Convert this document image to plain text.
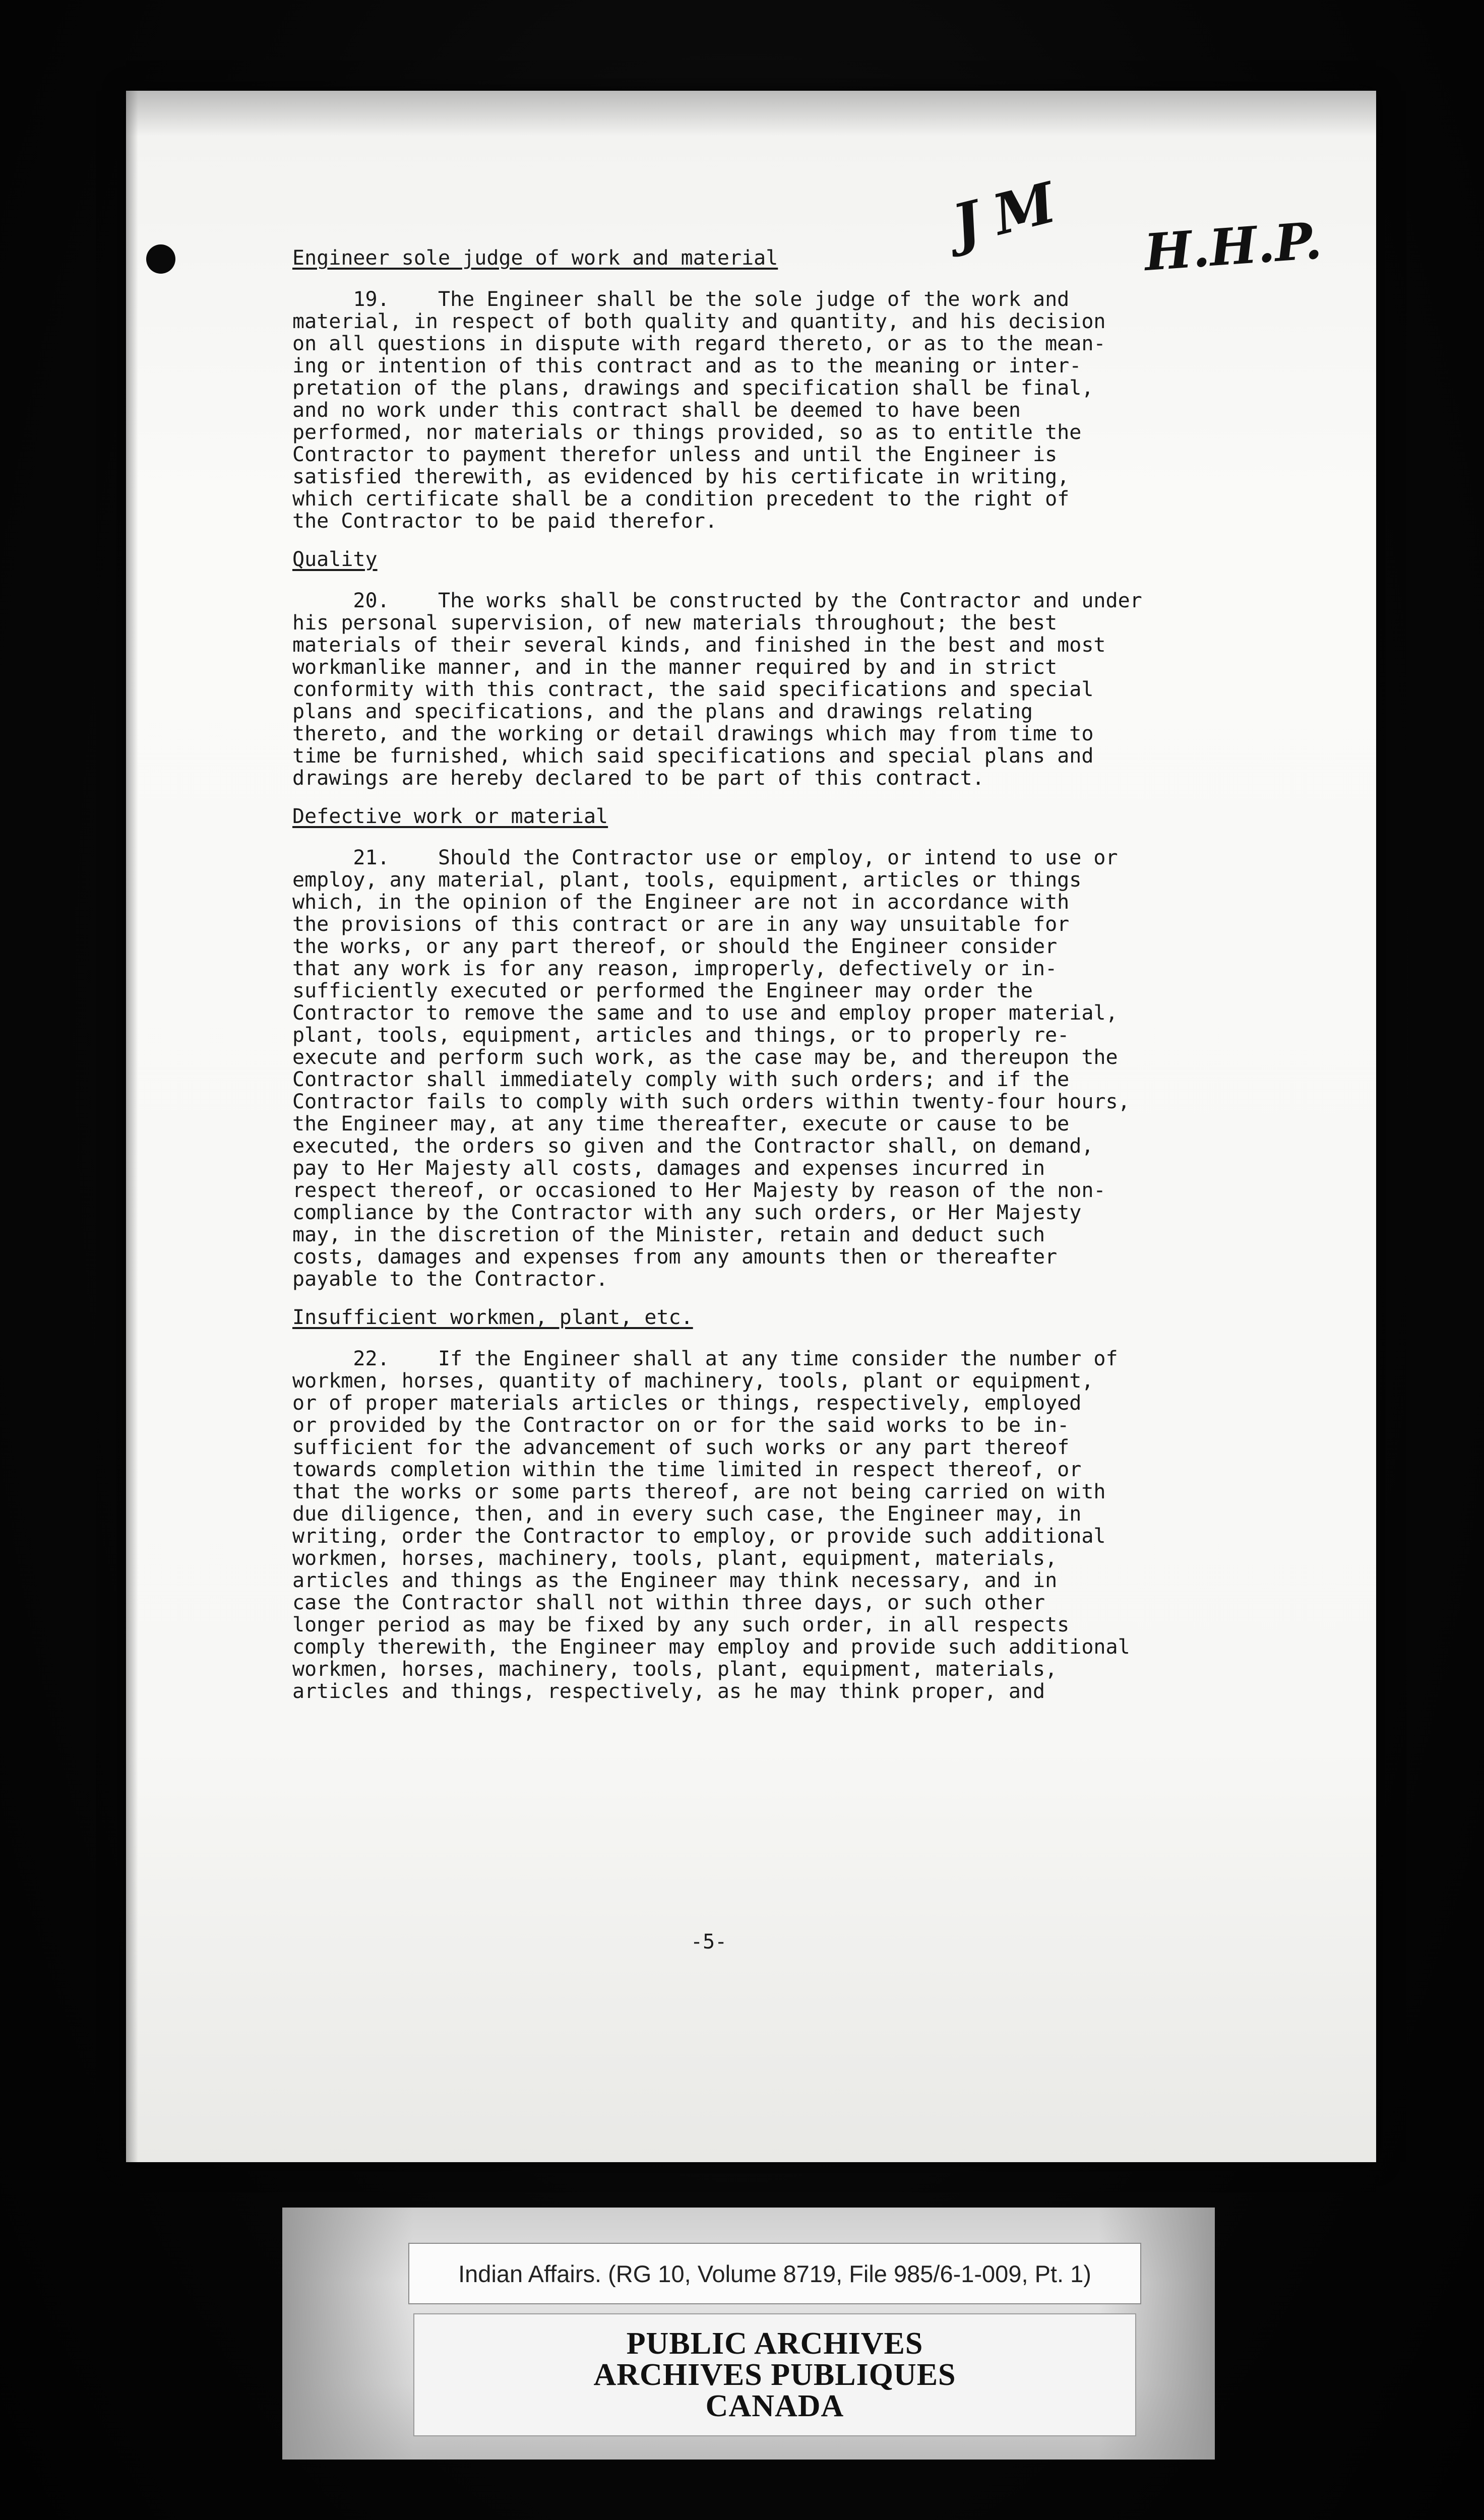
J M H.H.P.

Engineer sole judge of work and material

19.    The Engineer shall be the sole judge of the work and

material, in respect of both quality and quantity, and his decision

on all questions in dispute with regard thereto, or as to the mean-

ing or intention of this contract and as to the meaning or inter-

pretation of the plans, drawings and specification shall be final,

and no work under this contract shall be deemed to have been

performed, nor materials or things provided, so as to entitle the

Contractor to payment therefor unless and until the Engineer is

satisfied therewith, as evidenced by his certificate in writing,

which certificate shall be a condition precedent to the right of

the Contractor to be paid therefor.

Quality

20.    The works shall be constructed by the Contractor and under

his personal supervision, of new materials throughout; the best

materials of their several kinds, and finished in the best and most

workmanlike manner, and in the manner required by and in strict

conformity with this contract, the said specifications and special

plans and specifications, and the plans and drawings relating

thereto, and the working or detail drawings which may from time to

time be furnished, which said specifications and special plans and

drawings are hereby declared to be part of this contract.

Defective work or material

21.    Should the Contractor use or employ, or intend to use or

employ, any material, plant, tools, equipment, articles or things

which, in the opinion of the Engineer are not in accordance with

the provisions of this contract or are in any way unsuitable for

the works, or any part thereof, or should the Engineer consider

that any work is for any reason, improperly, defectively or in-

sufficiently executed or performed the Engineer may order the

Contractor to remove the same and to use and employ proper material,

plant, tools, equipment, articles and things, or to properly re-

execute and perform such work, as the case may be, and thereupon the

Contractor shall immediately comply with such orders; and if the

Contractor fails to comply with such orders within twenty-four hours,

the Engineer may, at any time thereafter, execute or cause to be

executed, the orders so given and the Contractor shall, on demand,

pay to Her Majesty all costs, damages and expenses incurred in

respect thereof, or occasioned to Her Majesty by reason of the non-

compliance by the Contractor with any such orders, or Her Majesty

may, in the discretion of the Minister, retain and deduct such

costs, damages and expenses from any amounts then or thereafter

payable to the Contractor.

Insufficient workmen, plant, etc.

22.    If the Engineer shall at any time consider the number of

workmen, horses, quantity of machinery, tools, plant or equipment,

or of proper materials articles or things, respectively, employed

or provided by the Contractor on or for the said works to be in-

sufficient for the advancement of such works or any part thereof

towards completion within the time limited in respect thereof, or

that the works or some parts thereof, are not being carried on with

due diligence, then, and in every such case, the Engineer may, in

writing, order the Contractor to employ, or provide such additional

workmen, horses, machinery, tools, plant, equipment, materials,

articles and things as the Engineer may think necessary, and in

case the Contractor shall not within three days, or such other

longer period as may be fixed by any such order, in all respects

comply therewith, the Engineer may employ and provide such additional

workmen, horses, machinery, tools, plant, equipment, materials,

articles and things, respectively, as he may think proper, and

-5-
Indian Affairs. (RG 10, Volume 8719, File 985/6-1-009, Pt. 1)
PUBLIC ARCHIVES
ARCHIVES PUBLIQUES
CANADA
